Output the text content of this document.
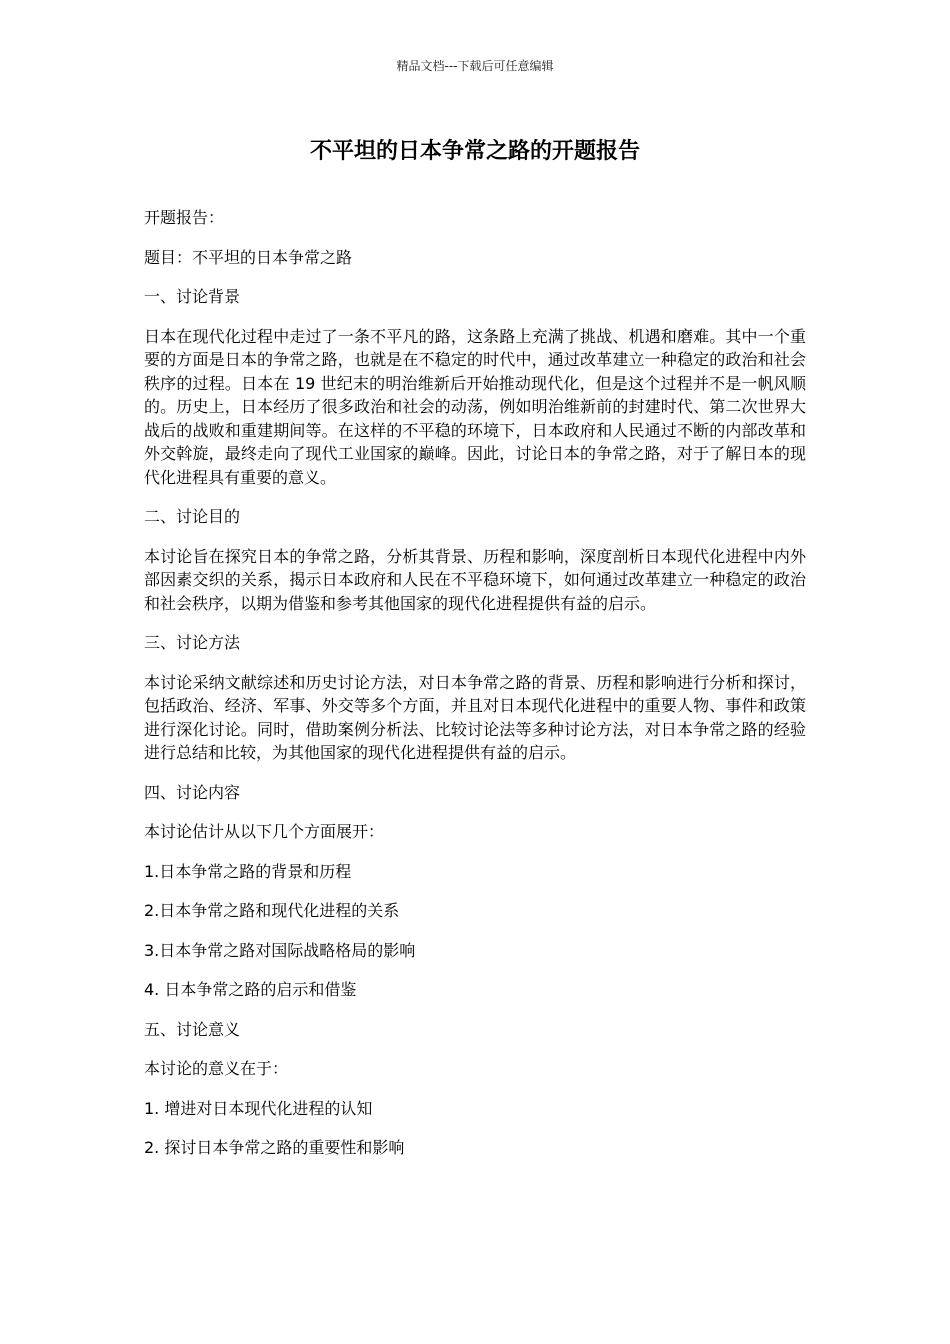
精品文档---下载后可任意编辑
不平坦的日本争常之路的开题报告

开题报告：

题目：不平坦的日本争常之路

一、讨论背景

日本在现代化过程中走过了一条不平凡的路，这条路上充满了挑战、机遇和磨难。其中一个重要的方面是日本的争常之路，也就是在不稳定的时代中，通过改革建立一种稳定的政治和社会秩序的过程。日本在 19 世纪末的明治维新后开始推动现代化，但是这个过程并不是一帆风顺的。历史上，日本经历了很多政治和社会的动荡，例如明治维新前的封建时代、第二次世界大战后的战败和重建期间等。在这样的不平稳的环境下，日本政府和人民通过不断的内部改革和外交斡旋，最终走向了现代工业国家的巅峰。因此，讨论日本的争常之路，对于了解日本的现代化进程具有重要的意义。

二、讨论目的

本讨论旨在探究日本的争常之路，分析其背景、历程和影响，深度剖析日本现代化进程中内外部因素交织的关系，揭示日本政府和人民在不平稳环境下，如何通过改革建立一种稳定的政治和社会秩序，以期为借鉴和参考其他国家的现代化进程提供有益的启示。

三、讨论方法

本讨论采纳文献综述和历史讨论方法，对日本争常之路的背景、历程和影响进行分析和探讨，包括政治、经济、军事、外交等多个方面，并且对日本现代化进程中的重要人物、事件和政策进行深化讨论。同时，借助案例分析法、比较讨论法等多种讨论方法，对日本争常之路的经验进行总结和比较，为其他国家的现代化进程提供有益的启示。

四、讨论内容

本讨论估计从以下几个方面展开：

1.日本争常之路的背景和历程

2.日本争常之路和现代化进程的关系

3.日本争常之路对国际战略格局的影响

4. 日本争常之路的启示和借鉴

五、讨论意义

本讨论的意义在于：

1. 增进对日本现代化进程的认知

2. 探讨日本争常之路的重要性和影响
